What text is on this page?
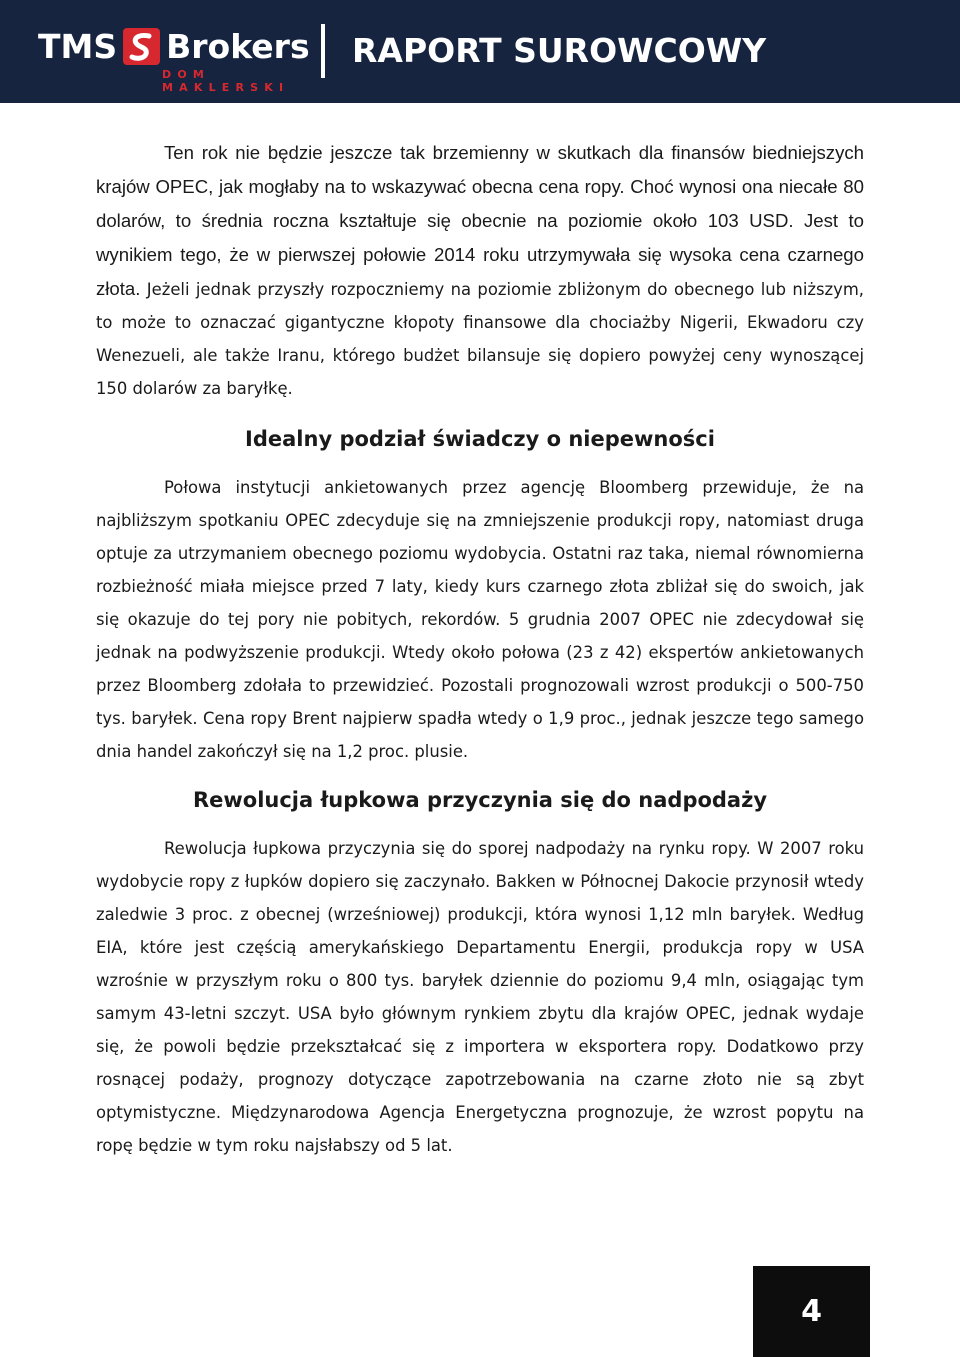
TMS Brokers
DOM MAKLERSKI
RAPORT SUROWCOWY

Ten rok nie będzie jeszcze tak brzemienny w skutkach dla finansów biedniejszych krajów OPEC, jak mogłaby na to wskazywać obecna cena ropy. Choć wynosi ona niecałe 80 dolarów, to średnia roczna kształtuje się obecnie na poziomie około 103 USD. Jest to wynikiem tego, że w pierwszej połowie 2014 roku utrzymywała się wysoka cena czarnego złota. Jeżeli jednak przyszły rozpoczniemy na poziomie zbliżonym do obecnego lub niższym, to może to oznaczać gigantyczne kłopoty finansowe dla chociażby Nigerii, Ekwadoru czy Wenezueli, ale także Iranu, którego budżet bilansuje się dopiero powyżej ceny wynoszącej 150 dolarów za baryłkę.

Idealny podział świadczy o niepewności

Połowa instytucji ankietowanych przez agencję Bloomberg przewiduje, że na najbliższym spotkaniu OPEC zdecyduje się na zmniejszenie produkcji ropy, natomiast druga optuje za utrzymaniem obecnego poziomu wydobycia. Ostatni raz taka, niemal równomierna rozbieżność miała miejsce przed 7 laty, kiedy kurs czarnego złota zbliżał się do swoich, jak się okazuje do tej pory nie pobitych, rekordów. 5 grudnia 2007 OPEC nie zdecydował się jednak na podwyższenie produkcji. Wtedy około połowa (23 z 42) ekspertów ankietowanych przez Bloomberg zdołała to przewidzieć. Pozostali prognozowali wzrost produkcji o 500-750 tys. baryłek. Cena ropy Brent najpierw spadła wtedy o 1,9 proc., jednak jeszcze tego samego dnia handel zakończył się na 1,2 proc. plusie.

Rewolucja łupkowa przyczynia się do nadpodaży

Rewolucja łupkowa przyczynia się do sporej nadpodaży na rynku ropy. W 2007 roku wydobycie ropy z łupków dopiero się zaczynało. Bakken w Północnej Dakocie przynosił wtedy zaledwie 3 proc. z obecnej (wrześniowej) produkcji, która wynosi 1,12 mln baryłek. Według EIA, które jest częścią amerykańskiego Departamentu Energii, produkcja ropy w USA wzrośnie w przyszłym roku o 800 tys. baryłek dziennie do poziomu 9,4 mln, osiągając tym samym 43-letni szczyt. USA było głównym rynkiem zbytu dla krajów OPEC, jednak wydaje się, że powoli będzie przekształcać się z importera w eksportera ropy. Dodatkowo przy rosnącej podaży, prognozy dotyczące zapotrzebowania na czarne złoto nie są zbyt optymistyczne. Międzynarodowa Agencja Energetyczna prognozuje, że wzrost popytu na ropę będzie w tym roku najsłabszy od 5 lat.

4
